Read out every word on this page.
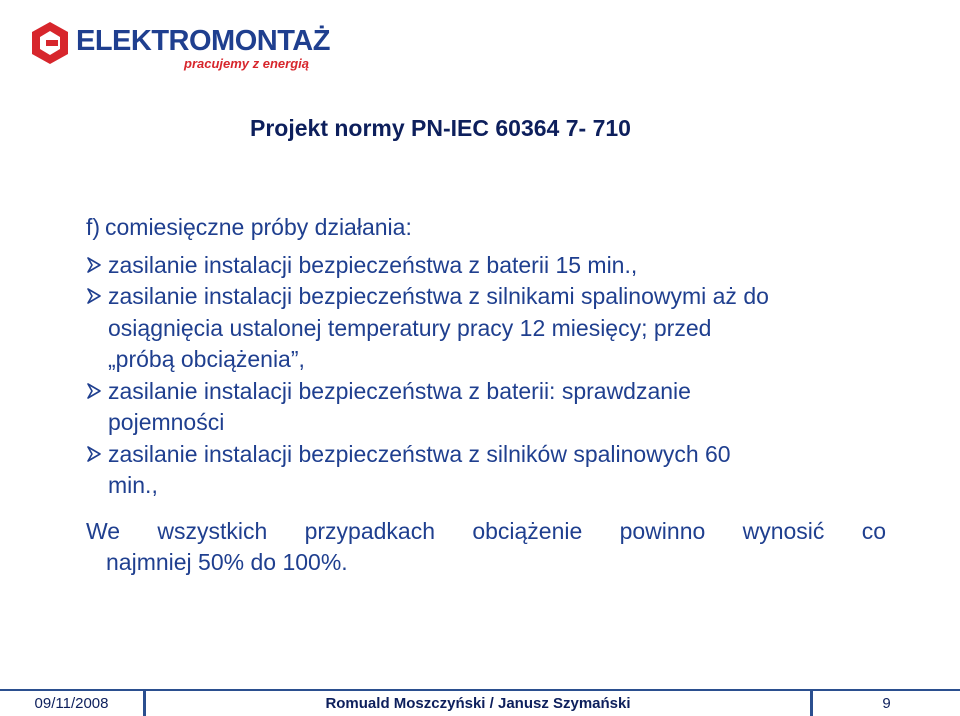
ELEKTROMONTAŻ
pracujemy z energią
Projekt normy PN-IEC 60364 7- 710
f) comiesięczne próby działania:
zasilanie instalacji bezpieczeństwa z baterii 15 min.,
zasilanie instalacji bezpieczeństwa z silnikami spalinowymi aż do
osiągnięcia ustalonej temperatury pracy 12 miesięcy; przed
„próbą obciążenia”,
zasilanie instalacji bezpieczeństwa z baterii: sprawdzanie
pojemności
zasilanie instalacji bezpieczeństwa z silników spalinowych 60
min.,
We wszystkich przypadkach obciążenie powinno wynosić co
najmniej 50% do 100%.
09/11/2008	Romuald Moszczyński / Janusz Szymański	9
